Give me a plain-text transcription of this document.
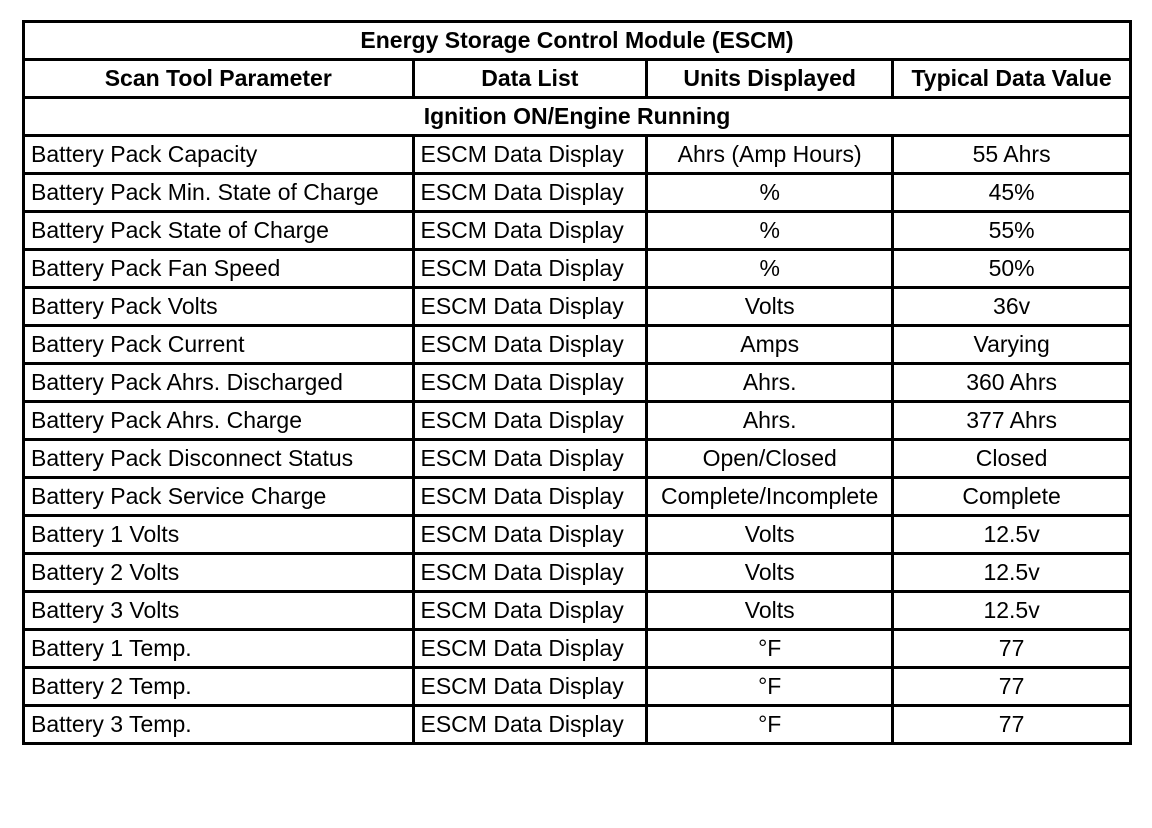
Energy Storage Control Module (ESCM)			
Scan Tool Parameter	Data List	Units Displayed	Typical Data Value
Ignition ON/Engine Running			
Battery Pack Capacity	ESCM Data Display	Ahrs (Amp Hours)	55 Ahrs
Battery Pack Min. State of Charge	ESCM Data Display	%	45%
Battery Pack State of Charge	ESCM Data Display	%	55%
Battery Pack Fan Speed	ESCM Data Display	%	50%
Battery Pack Volts	ESCM Data Display	Volts	36v
Battery Pack Current	ESCM Data Display	Amps	Varying
Battery Pack Ahrs. Discharged	ESCM Data Display	Ahrs.	360 Ahrs
Battery Pack Ahrs. Charge	ESCM Data Display	Ahrs.	377 Ahrs
Battery Pack Disconnect Status	ESCM Data Display	Open/Closed	Closed
Battery Pack Service Charge	ESCM Data Display	Complete/Incomplete	Complete
Battery 1 Volts	ESCM Data Display	Volts	12.5v
Battery 2 Volts	ESCM Data Display	Volts	12.5v
Battery 3 Volts	ESCM Data Display	Volts	12.5v
Battery 1 Temp.	ESCM Data Display	°F	77
Battery 2 Temp.	ESCM Data Display	°F	77
Battery 3 Temp.	ESCM Data Display	°F	77
